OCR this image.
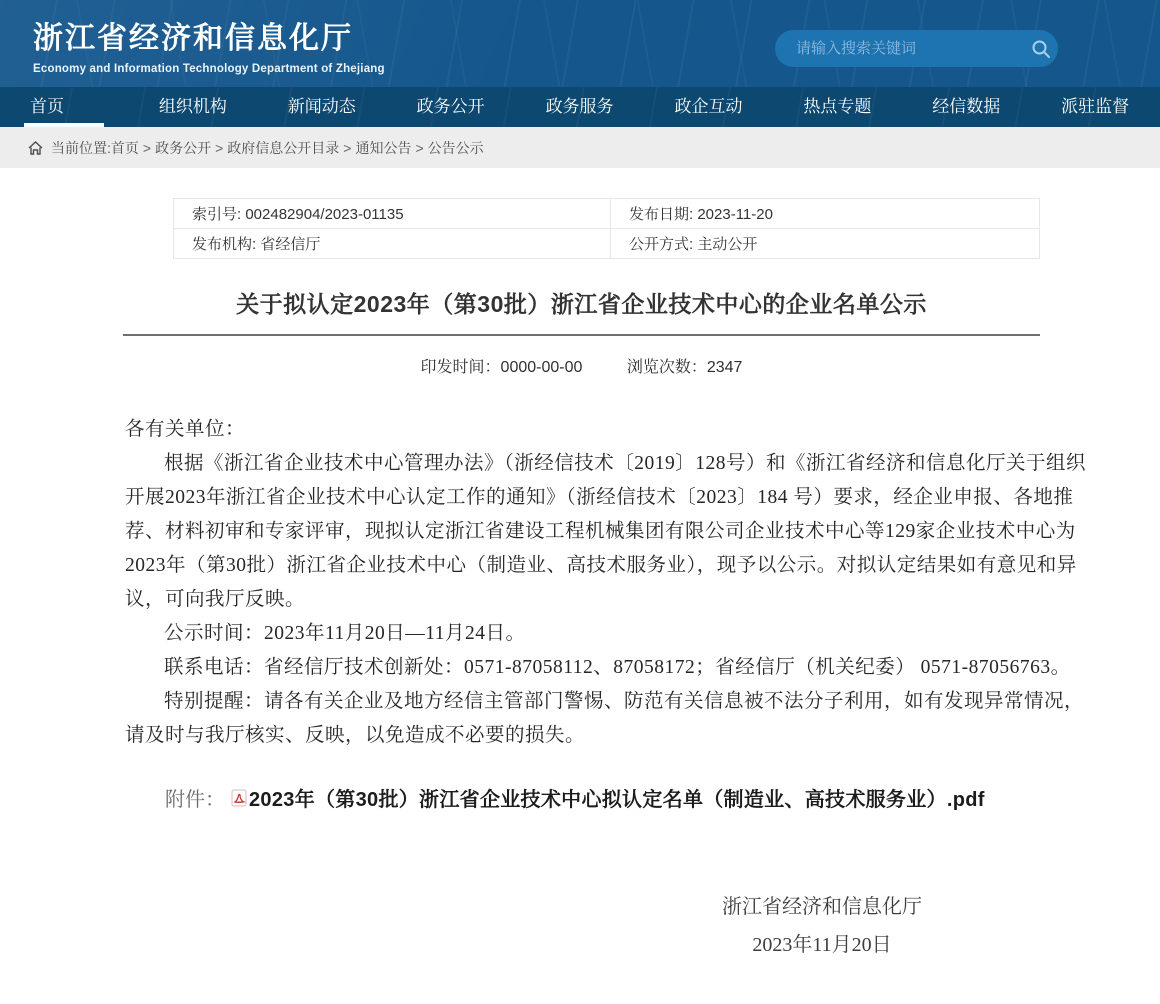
浙江省经济和信息化厅
Economy and Information Technology Department of Zhejiang
请输入搜索关键词
首页	组织机构	新闻动态	政务公开	政务服务	政企互动	热点专题	经信数据	派驻监督
当前位置: 首页 > 政务公开 > 政府信息公开目录 > 通知公告 > 公告公示
索引号: 002482904/2023-01135	发布日期: 2023-11-20
发布机构: 省经信厅	公开方式: 主动公开
关于拟认定2023年（第30批）浙江省企业技术中心的企业名单公示
印发时间：0000-00-00	浏览次数：2347

各有关单位：

根据《浙江省企业技术中心管理办法》（浙经信技术〔2019〕128号）和《浙江省经济和信息化厅关于组织开展2023年浙江省企业技术中心认定工作的通知》（浙经信技术〔2023〕184 号）要求，经企业申报、各地推荐、材料初审和专家评审，现拟认定浙江省建设工程机械集团有限公司企业技术中心等129家企业技术中心为2023年（第30批）浙江省企业技术中心（制造业、高技术服务业），现予以公示。对拟认定结果如有意见和异议，可向我厅反映。

公示时间：2023年11月20日—11月24日。

联系电话：省经信厅技术创新处：0571-87058112、87058172；省经信厅（机关纪委） 0571-87056763。

特别提醒：请各有关企业及地方经信主管部门警惕、防范有关信息被不法分子利用，如有发现异常情况，请及时与我厅核实、反映，以免造成不必要的损失。

附件： 2023年（第30批）浙江省企业技术中心拟认定名单（制造业、高技术服务业）.pdf
浙江省经济和信息化厅
2023年11月20日
